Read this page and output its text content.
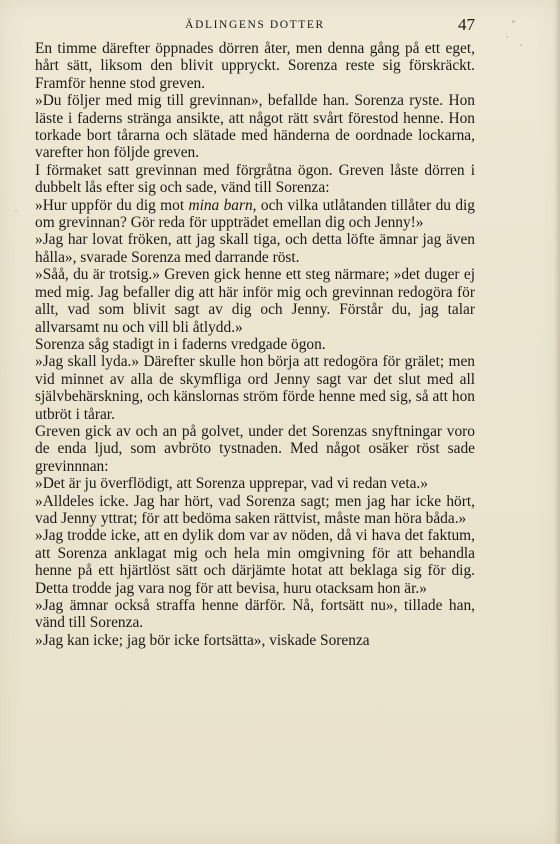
ÄDLINGENS DOTTER	47

En timme därefter öppnades dörren åter, men denna gång på ett eget, hårt sätt, liksom den blivit uppryckt. Sorenza reste sig förskräckt. Framför henne stod greven.

»Du följer med mig till grevinnan», befallde han. Sorenza ryste. Hon läste i faderns stränga ansikte, att något rätt svårt förestod henne. Hon torkade bort tårarna och slätade med händerna de oordnade lockarna, varefter hon följde greven.

I förmaket satt grevinnan med förgråtna ögon. Greven låste dörren i dubbelt lås efter sig och sade, vänd till Sorenza:

»Hur uppför du dig mot mina barn, och vilka utlåtanden tillåter du dig om grevinnan? Gör reda för uppträdet emellan dig och Jenny!»

»Jag har lovat fröken, att jag skall tiga, och detta löfte ämnar jag även hålla», svarade Sorenza med darrande röst.

»Såå, du är trotsig.» Greven gick henne ett steg närmare; »det duger ej med mig. Jag befaller dig att här inför mig och grevinnan redogöra för allt, vad som blivit sagt av dig och Jenny. Förstår du, jag talar allvarsamt nu och vill bli åtlydd.»

Sorenza såg stadigt in i faderns vredgade ögon.

»Jag skall lyda.» Därefter skulle hon börja att redogöra för grälet; men vid minnet av alla de skymfliga ord Jenny sagt var det slut med all självbehärskning, och känslornas ström förde henne med sig, så att hon utbröt i tårar.

Greven gick av och an på golvet, under det Sorenzas snyftningar voro de enda ljud, som avbröto tystnaden. Med något osäker röst sade grevinnnan:

»Det är ju överflödigt, att Sorenza upprepar, vad vi redan veta.»

»Alldeles icke. Jag har hört, vad Sorenza sagt; men jag har icke hört, vad Jenny yttrat; för att bedöma saken rättvist, måste man höra båda.»

»Jag trodde icke, att en dylik dom var av nöden, då vi hava det faktum, att Sorenza anklagat mig och hela min omgivning för att behandla henne på ett hjärtlöst sätt och därjämte hotat att beklaga sig för dig. Detta trodde jag vara nog för att bevisa, huru otacksam hon är.»

»Jag ämnar också straffa henne därför. Nå, fortsätt nu», tillade han, vänd till Sorenza.

»Jag kan icke; jag bör icke fortsätta», viskade Sorenza
